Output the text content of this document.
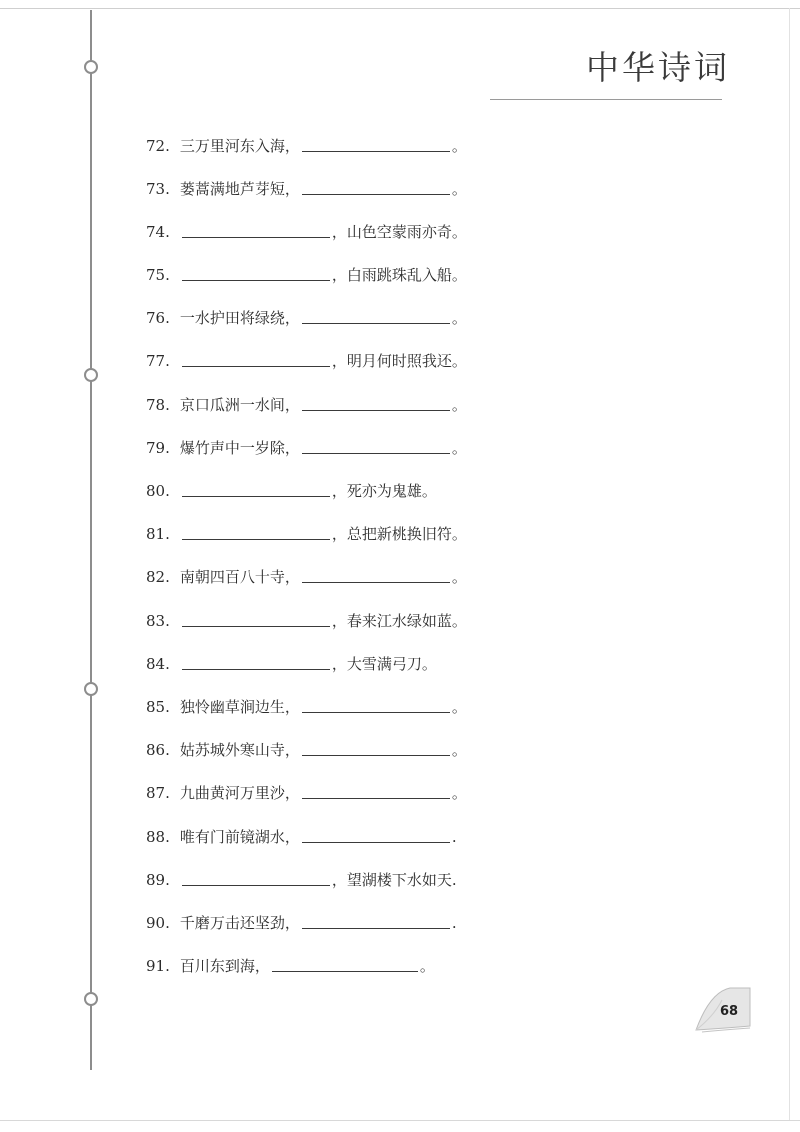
中华诗词
72. 三万里河东入海，	。
73. 蒌蒿满地芦芽短，	。
74.	，山色空蒙雨亦奇。
75.	，白雨跳珠乱入船。
76. 一水护田将绿绕，	。
77.	，明月何时照我还。
78. 京口瓜洲一水间，	。
79. 爆竹声中一岁除，	。
80.	，死亦为鬼雄。
81.	，总把新桃换旧符。
82. 南朝四百八十寺，	。
83.	，春来江水绿如蓝。
84.	，大雪满弓刀。
85. 独怜幽草涧边生，	。
86. 姑苏城外寒山寺，	。
87. 九曲黄河万里沙，	。
88. 唯有门前镜湖水，	.
89.	，望湖楼下水如天.
90. 千磨万击还坚劲，	.
91. 百川东到海，	。
68
